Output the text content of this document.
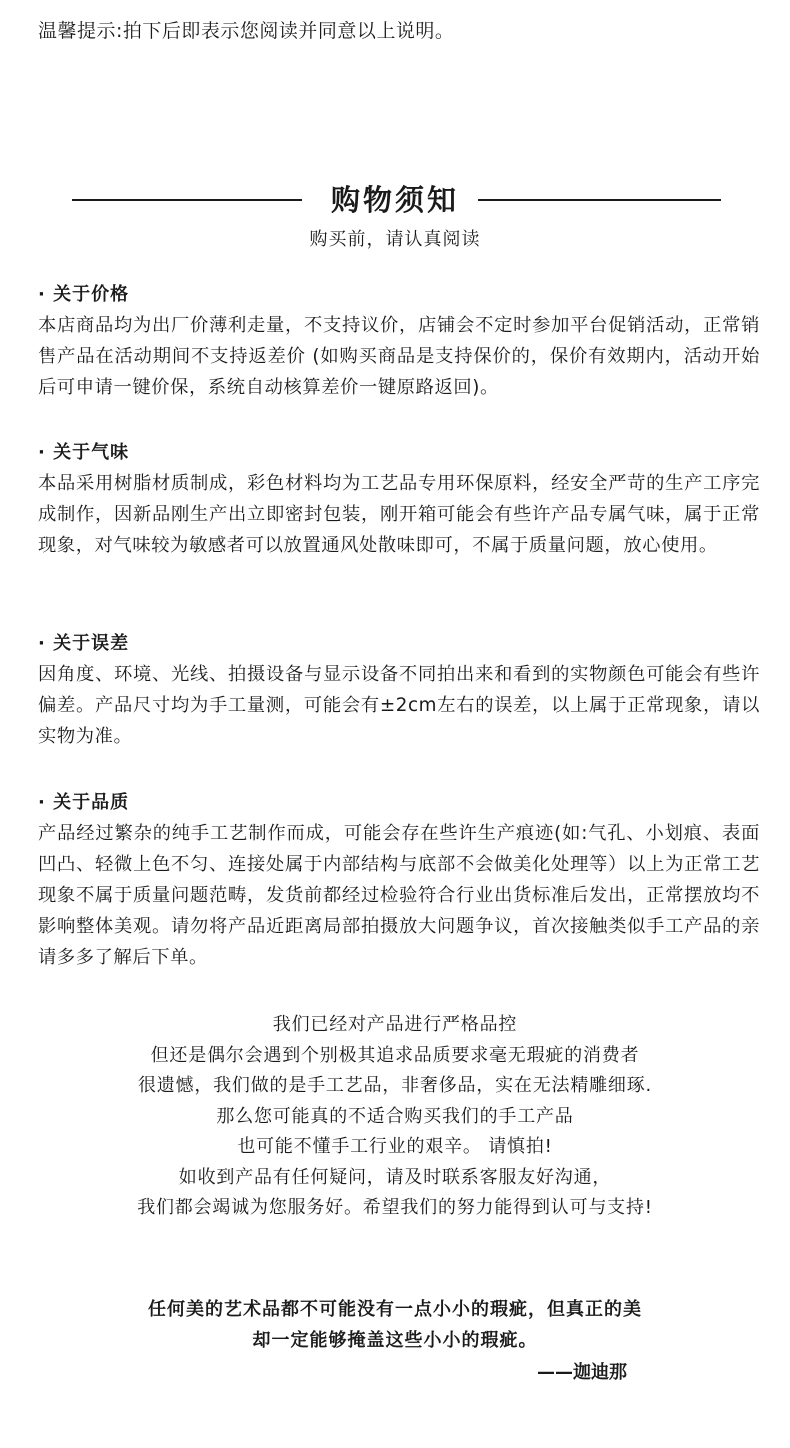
温馨提示:拍下后即表示您阅读并同意以上说明。
购物须知
购买前，请认真阅读

· 关于价格

本店商品均为出厂价薄利走量，不支持议价，店铺会不定时参加平台促销活动，正常销售产品在活动期间不支持返差价 (如购买商品是支持保价的，保价有效期内，活动开始后可申请一键价保，系统自动核算差价一键原路返回)。

· 关于气味

本品采用树脂材质制成，彩色材料均为工艺品专用环保原料，经安全严苛的生产工序完成制作，因新品刚生产出立即密封包装，刚开箱可能会有些许产品专属气味，属于正常现象，对气味较为敏感者可以放置通风处散味即可，不属于质量问题，放心使用。

· 关于误差

因角度、环境、光线、拍摄设备与显示设备不同拍出来和看到的实物颜色可能会有些许偏差。产品尺寸均为手工量测，可能会有±2cm左右的误差，以上属于正常现象，请以实物为准。

· 关于品质

产品经过繁杂的纯手工艺制作而成，可能会存在些许生产痕迹(如:气孔、小划痕、表面凹凸、轻微上色不匀、连接处属于内部结构与底部不会做美化处理等）以上为正常工艺现象不属于质量问题范畴，发货前都经过检验符合行业出货标准后发出，正常摆放均不影响整体美观。请勿将产品近距离局部拍摄放大问题争议，首次接触类似手工产品的亲请多多了解后下单。

我们已经对产品进行严格品控
但还是偶尔会遇到个别极其追求品质要求毫无瑕疵的消费者
很遗憾，我们做的是手工艺品，非奢侈品，实在无法精雕细琢.
那么您可能真的不适合购买我们的手工产品
也可能不懂手工行业的艰辛。 请慎拍!
如收到产品有任何疑问，请及时联系客服友好沟通，
我们都会竭诚为您服务好。希望我们的努力能得到认可与支持!
任何美的艺术品都不可能没有一点小小的瑕疵，但真正的美
却一定能够掩盖这些小小的瑕疵。
——迦迪那
